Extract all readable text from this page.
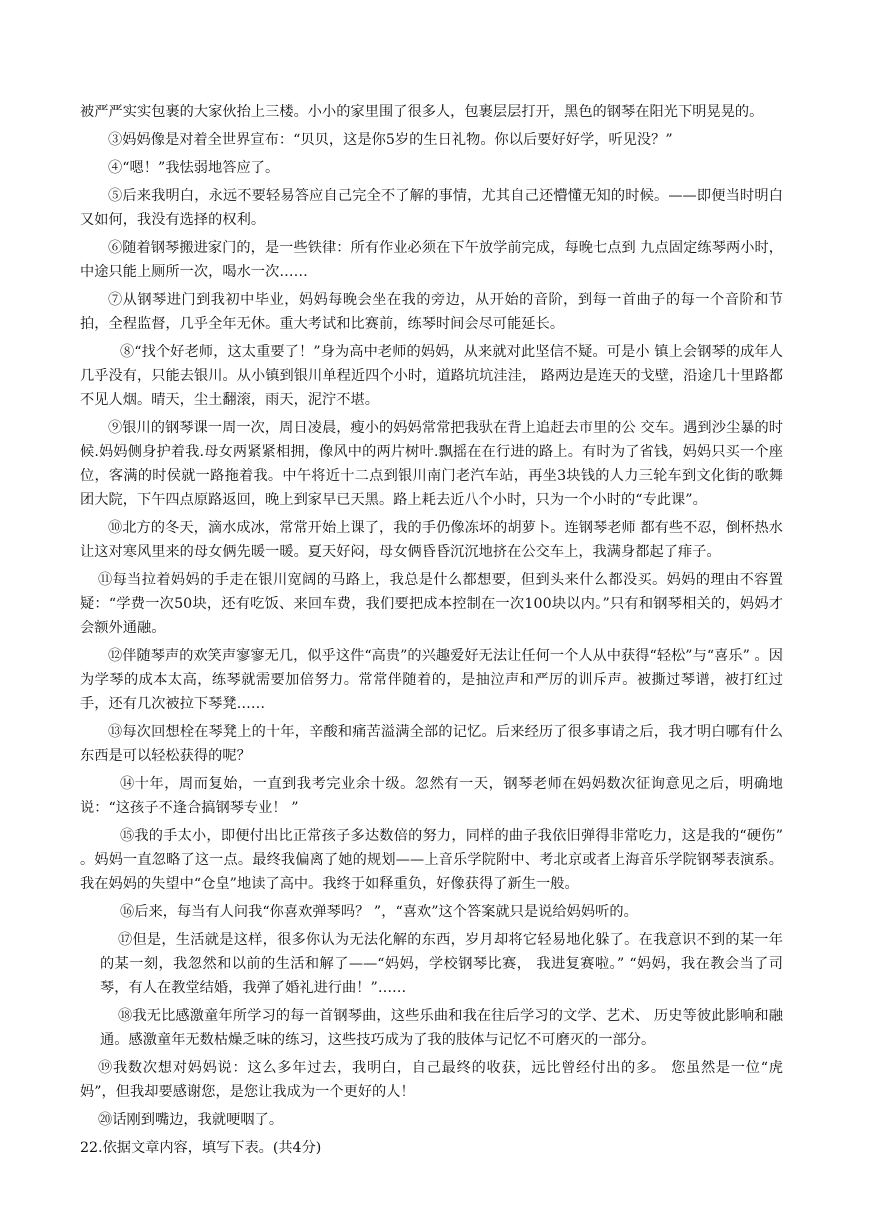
被严严实实包裹的大家伙抬上三楼。小小的家里围了很多人，包裹层层打开，黑色的钢琴在阳光下明晃晃的。

③妈妈像是对着全世界宣布：“贝贝，这是你5岁的生日礼物。你以后要好好学，听见没？”

④“嗯！”我怯弱地答应了。

⑤后来我明白，永远不要轻易答应自己完全不了解的事情，尤其自己还懵懂无知的时候。——即便当时明白又如何，我没有选择的权利。

⑥随着钢琴搬进家门的，是一些铁律：所有作业必须在下午放学前完成，每晚七点到 九点固定练琴两小时，中途只能上厕所一次，喝水一次……

⑦从钢琴进门到我初中毕业，妈妈每晚会坐在我的旁边，从开始的音阶，到每一首曲子的每一个音阶和节拍，全程监督，几乎全年无休。重大考试和比赛前，练琴时间会尽可能延长。

⑧“找个好老师，这太重要了！”身为高中老师的妈妈，从来就对此坚信不疑。可是小 镇上会钢琴的成年人几乎没有，只能去银川。从小镇到银川单程近四个小时，道路坑坑洼洼， 路两边是连天的戈壁，沿途几十里路都不见人烟。晴天，尘土翻滚，雨天，泥泞不堪。

⑨银川的钢琴课一周一次，周日凌晨，瘦小的妈妈常常把我驮在背上追赶去市里的公 交车。遇到沙尘暴的时候.妈妈侧身护着我.母女两紧紧相拥，像风中的两片树叶.飘摇在在行进的路上。有时为了省钱，妈妈只买一个座位，客满的时侯就一路拖着我。中午将近十二点到银川南门老汽车站，再坐3块钱的人力三轮车到文化街的歌舞团大院，下午四点原路返回，晚上到家早已天黑。路上耗去近八个小时，只为一个小时的“专此课”。

⑩北方的冬天，滴水成冰，常常开始上课了，我的手仍像冻坏的胡萝卜。连钢琴老师 都有些不忍，倒杯热水让这对寒风里来的母女俩先暖一暖。夏天好闷，母女俩昏昏沉沉地挤在公交车上，我满身都起了痱子。

⑪每当拉着妈妈的手走在银川宽阔的马路上，我总是什么都想要，但到头来什么都没买。妈妈的理由不容置疑：“学费一次50块，还有吃饭、来回车费，我们要把成本控制在一次100块以内。”只有和钢琴相关的，妈妈才会额外通融。

⑫伴随琴声的欢笑声寥寥无几，似乎这件“高贵”的兴趣爱好无法让任何一个人从中获得“轻松”与“喜乐” 。因为学琴的成本太高，练琴就需要加倍努力。常常伴随着的，是抽泣声和严厉的训斥声。被撕过琴谱，被打红过手，还有几次被拉下琴凳……

⑬每次回想栓在琴凳上的十年，辛酸和痛苦溢满全部的记忆。后来经历了很多事请之后，我才明白哪有什么东西是可以轻松获得的呢？

⑭十年，周而复始，一直到我考完业余十级。忽然有一天，钢琴老师在妈妈数次征询意见之后，明确地说：“这孩子不逢合搞钢琴专业！ ”

⑮我的手太小，即便付出比正常孩子多达数倍的努力，同样的曲子我依旧弹得非常吃力，这是我的“硬伤” 。妈妈一直忽略了这一点。最终我偏离了她的规划——上音乐学院附中、考北京或者上海音乐学院钢琴表演系。我在妈妈的失望中“仓皇”地读了高中。我终于如释重负，好像获得了新生一般。

⑯后来，每当有人问我“你喜欢弹琴吗？ ”，“喜欢”这个答案就只是说给妈妈听的。

⑰但是，生活就是这样，很多你认为无法化解的东西，岁月却将它轻易地化躲了。在我意识不到的某一年的某一刻，我忽然和以前的生活和解了——“妈妈，学校钢琴比赛， 我进复赛啦。” “妈妈，我在教会当了司琴，有人在教堂结婚，我弹了婚礼进行曲！”……

⑱我无比感激童年所学习的每一首钢琴曲，这些乐曲和我在往后学习的文学、艺术、 历史等彼此影响和融通。感激童年无数枯燥乏味的练习，这些技巧成为了我的肢体与记忆不可磨灭的一部分。

⑲我数次想对妈妈说：这么多年过去，我明白，自己最终的收获，远比曾经付出的多。 您虽然是一位“虎妈”，但我却要感谢您，是您让我成为一个更好的人！

⑳话刚到嘴边，我就哽咽了。

22.依据文章内容，填写下表。(共4分)
